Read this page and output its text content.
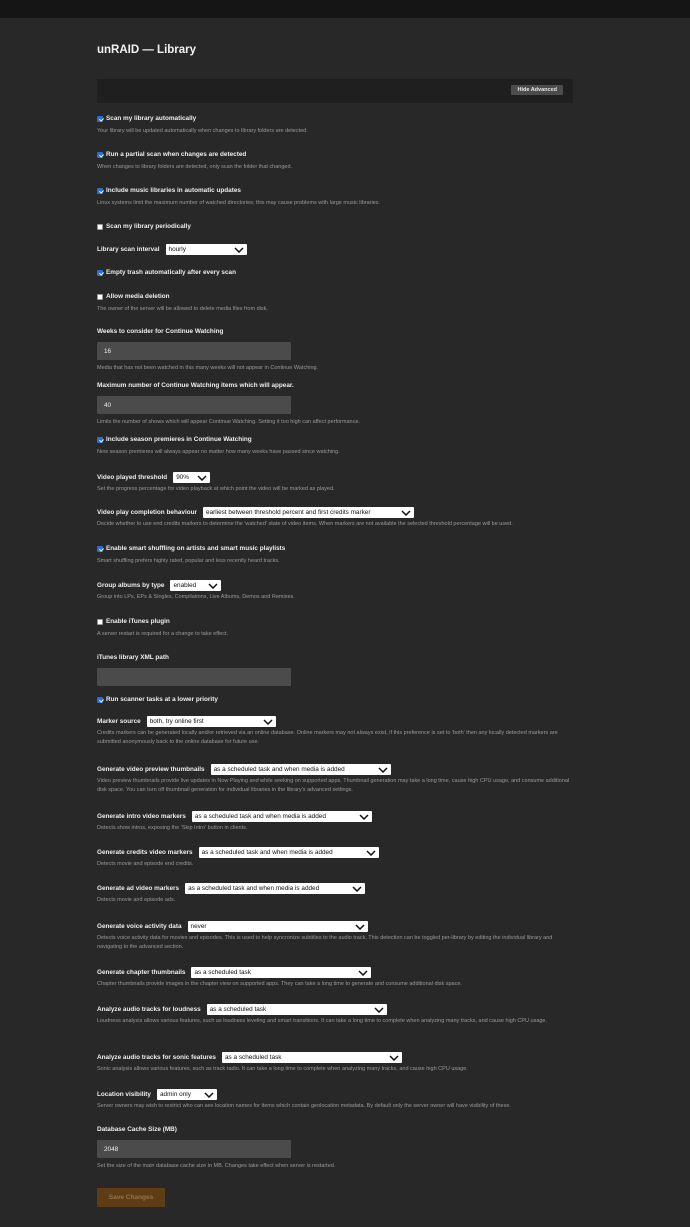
unRAID — Library
Hide Advanced
Scan my library automatically
Your library will be updated automatically when changes to library folders are detected.
Run a partial scan when changes are detected
When changes to library folders are detected, only scan the folder that changed.
Include music libraries in automatic updates
Linux systems limit the maximum number of watched directories; this may cause problems with large music libraries.
Scan my library periodically
Library scan interval hourly
Empty trash automatically after every scan
Allow media deletion
The owner of the server will be allowed to delete media files from disk.
Weeks to consider for Continue Watching
16
Media that has not been watched in this many weeks will not appear in Continue Watching.
Maximum number of Continue Watching items which will appear.
40
Limits the number of shows which will appear Continue Watching. Setting it too high can affect performance.
Include season premieres in Continue Watching
New season premieres will always appear no matter how many weeks have passed since watching.
Video played threshold 90%
Set the progress percentage for video playback at which point the video will be marked as played.
Video play completion behaviour earliest between threshold percent and first credits marker
Decide whether to use end credits markers to determine the 'watched' state of video items. When markers are not available the selected threshold percentage will be used.
Enable smart shuffling on artists and smart music playlists
Smart shuffling prefers highly rated, popular and less recently heard tracks.
Group albums by type enabled
Group into LPs, EPs & Singles, Compilations, Live Albums, Demos and Remixes.
Enable iTunes plugin
A server restart is required for a change to take effect.
iTunes library XML path
Run scanner tasks at a lower priority
Marker source both, try online first
Credits markers can be generated locally and/or retrieved via an online database. Online markers may not always exist, if this preference is set to 'both' then any locally detected markers are submitted anonymously back to the online database for future use.
Generate video preview thumbnails as a scheduled task and when media is added
Video preview thumbnails provide live updates in Now Playing and while seeking on supported apps. Thumbnail generation may take a long time, cause high CPU usage, and consume additional disk space. You can turn off thumbnail generation for individual libraries in the library's advanced settings.
Generate intro video markers as a scheduled task and when media is added
Detects show intros, exposing the 'Skip Intro' button in clients.
Generate credits video markers as a scheduled task and when media is added
Detects movie and episode end credits.
Generate ad video markers as a scheduled task and when media is added
Detects movie and episode ads.
Generate voice activity data never
Detects voice activity data for movies and episodes. This is used to help syncronize subtitles to the audio track. This detection can be toggled per-library by editing the individual library and navigating to the advanced section.
Generate chapter thumbnails as a scheduled task
Chapter thumbnails provide images in the chapter view on supported apps. They can take a long time to generate and consume additional disk space.
Analyze audio tracks for loudness as a scheduled task
Loudness analysis allows various features, such as loudness leveling and smart transitions. It can take a long time to complete when analyzing many tracks, and cause high CPU usage.
Analyze audio tracks for sonic features as a scheduled task
Sonic analysis allows various features, such as track radio. It can take a long time to complete when analyzing many tracks, and cause high CPU usage.
Location visibility admin only
Server owners may wish to restrict who can see location names for items which contain geolocation metadata. By default only the server owner will have visibility of these.
Database Cache Size (MB)
2048
Set the size of the main database cache size in MB. Changes take effect when server is restarted.
Save Changes
